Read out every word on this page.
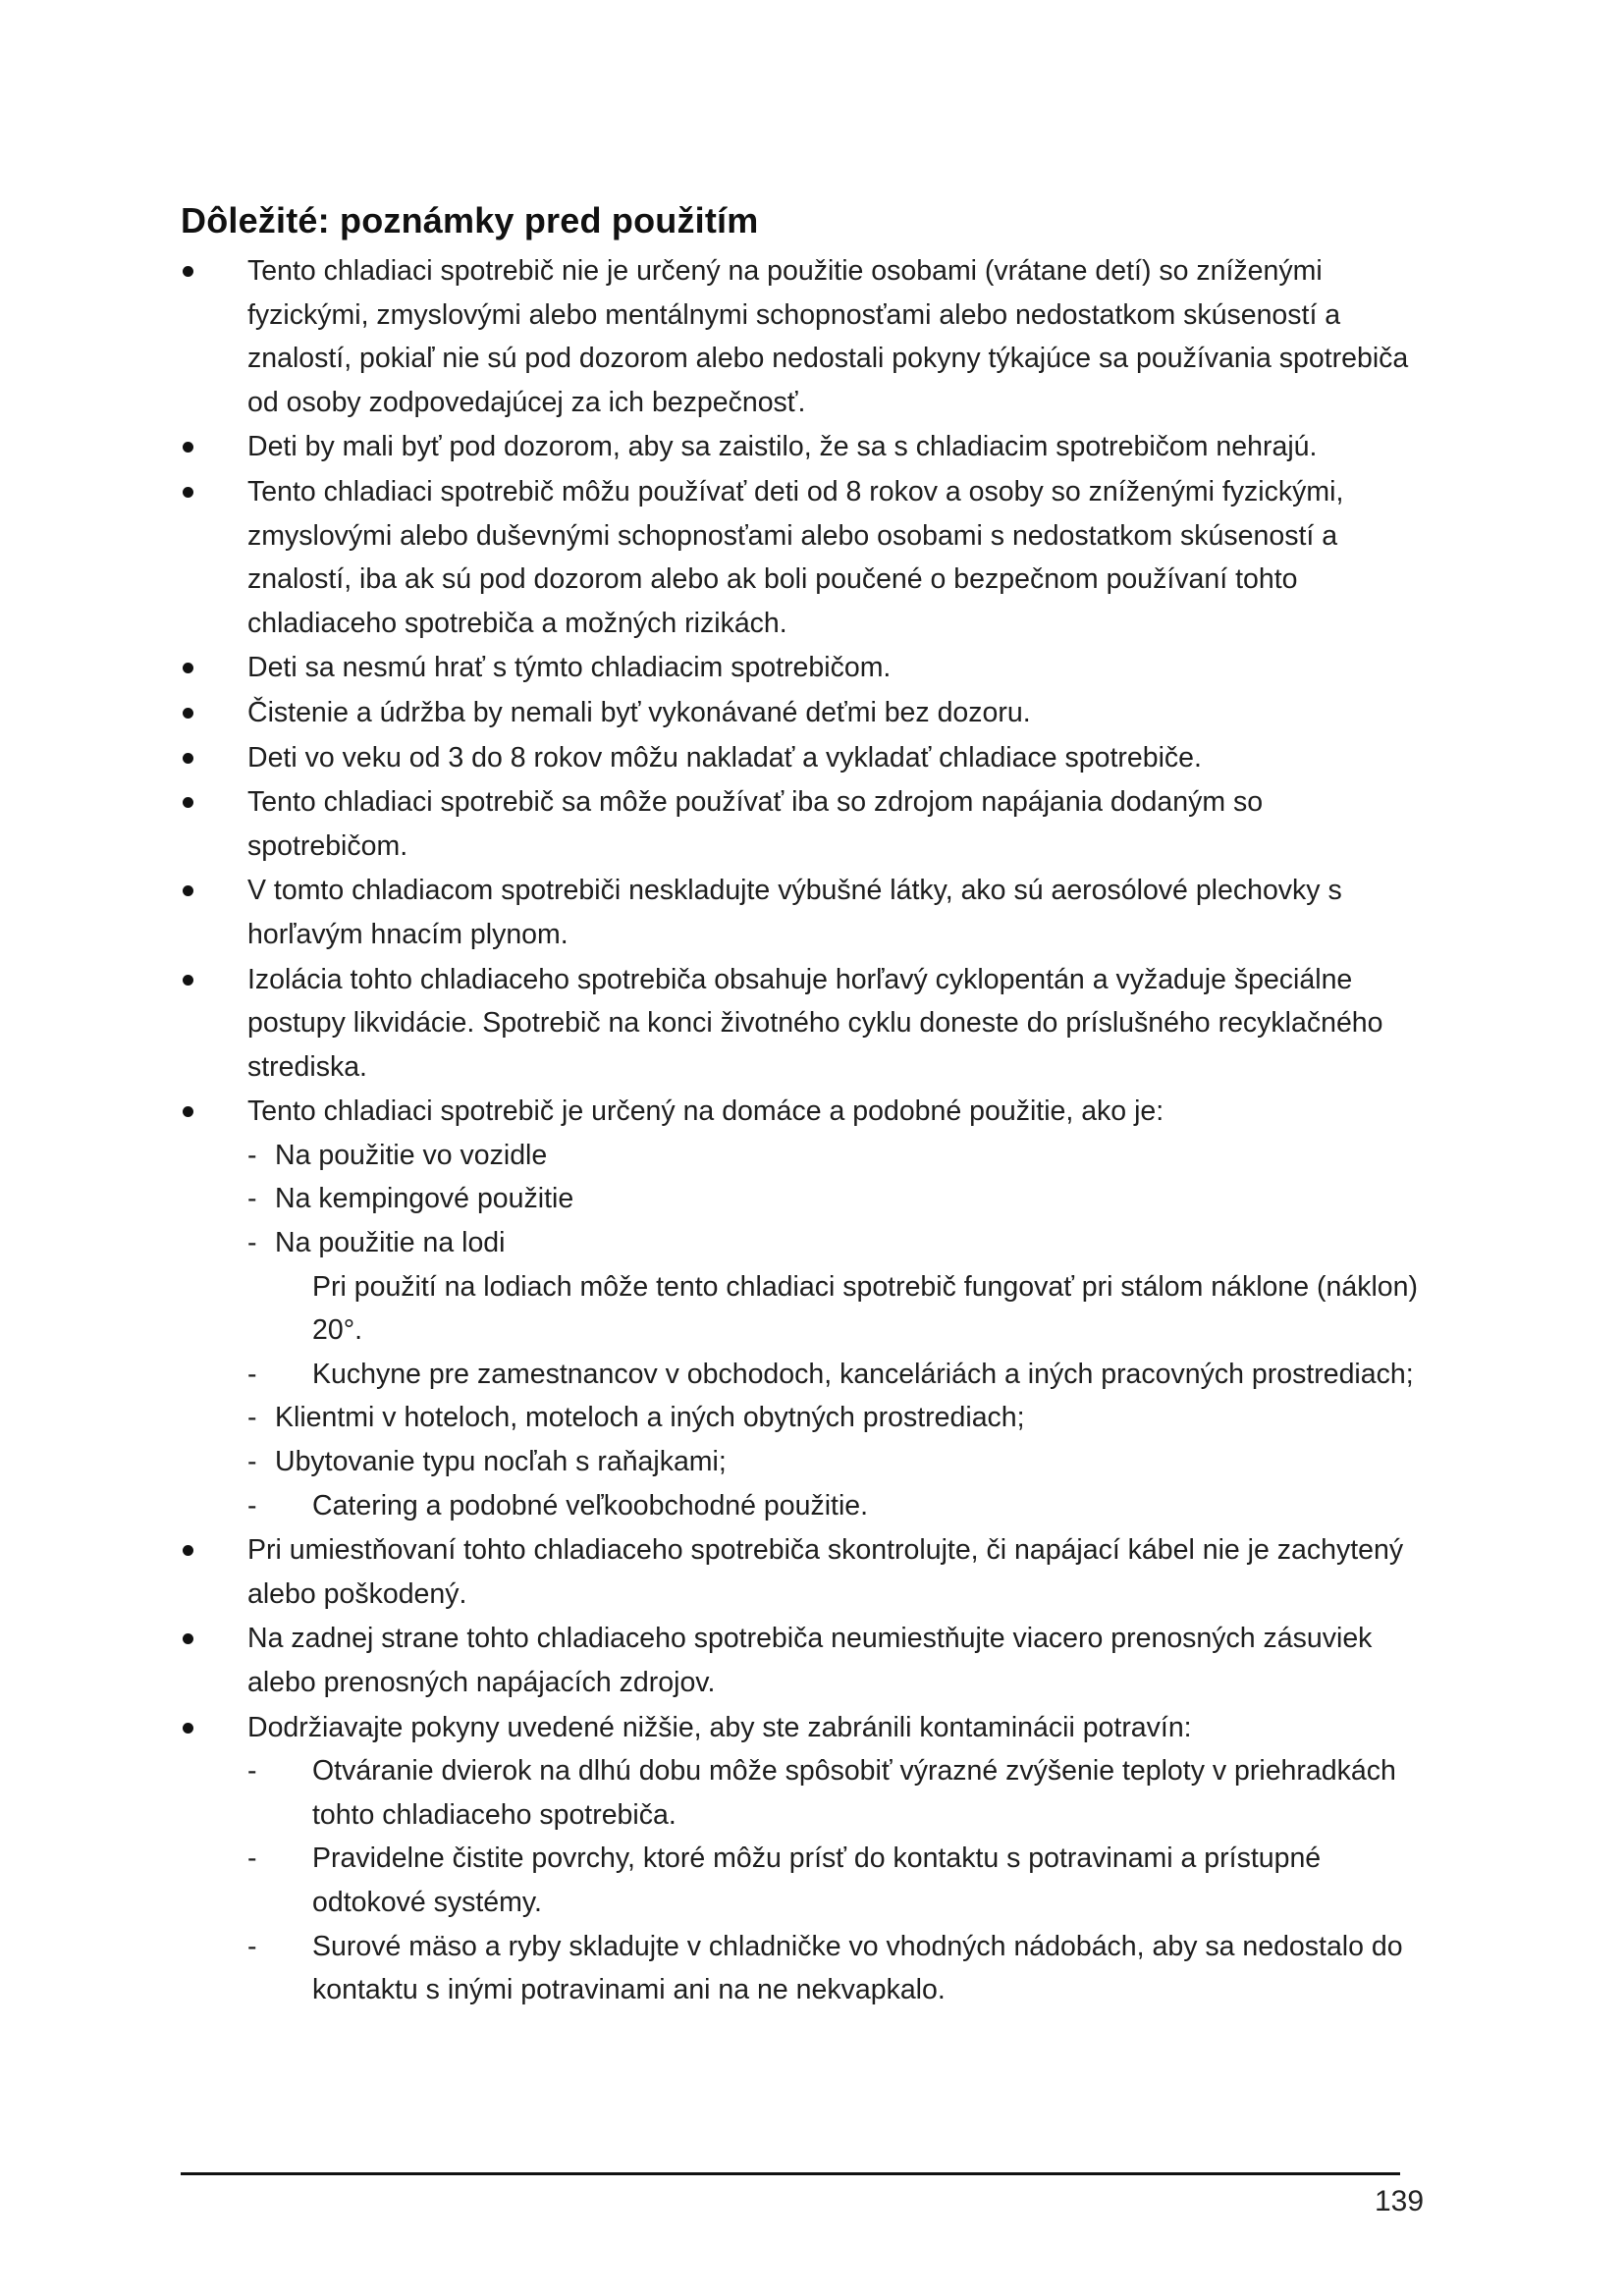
Dôležité: poznámky pred použitím
Tento chladiaci spotrebič nie je určený na použitie osobami (vrátane detí) so zníženými fyzickými, zmyslovými alebo mentálnymi schopnosťami alebo nedostatkom skúseností a znalostí, pokiaľ nie sú pod dozorom alebo nedostali pokyny týkajúce sa používania spotrebiča od osoby zodpovedajúcej za ich bezpečnosť.
Deti by mali byť pod dozorom, aby sa zaistilo, že sa s chladiacim spotrebičom nehrajú.
Tento chladiaci spotrebič môžu používať deti od 8 rokov a osoby so zníženými fyzickými, zmyslovými alebo duševnými schopnosťami alebo osobami s nedostatkom skúseností a znalostí, iba ak sú pod dozorom alebo ak boli poučené o bezpečnom používaní tohto chladiaceho spotrebiča a možných rizikách.
Deti sa nesmú hrať s týmto chladiacim spotrebičom.
Čistenie a údržba by nemali byť vykonávané deťmi bez dozoru.
Deti vo veku od 3 do 8 rokov môžu nakladať a vykladať chladiace spotrebiče.
Tento chladiaci spotrebič sa môže používať iba so zdrojom napájania dodaným so spotrebičom.
V tomto chladiacom spotrebiči neskladujte výbušné látky, ako sú aerosólové plechovky s horľavým hnacím plynom.
Izolácia tohto chladiaceho spotrebiča obsahuje horľavý cyklopentán a vyžaduje špeciálne postupy likvidácie. Spotrebič na konci životného cyklu doneste do príslušného recyklačného strediska.
Tento chladiaci spotrebič je určený na domáce a podobné použitie, ako je:
- Na použitie vo vozidle
- Na kempingové použitie
- Na použitie na lodi
Pri použití na lodiach môže tento chladiaci spotrebič fungovať pri stálom náklone (náklon) 20°.
- Kuchyne pre zamestnancov v obchodoch, kanceláriách a iných pracovných prostrediach;
- Klientmi v hoteloch, moteloch a iných obytných prostrediach;
- Ubytovanie typu nocľah s raňajkami;
- Catering a podobné veľkoobchodné použitie.
Pri umiestňovaní tohto chladiaceho spotrebiča skontrolujte, či napájací kábel nie je zachytený alebo poškodený.
Na zadnej strane tohto chladiaceho spotrebiča neumiestňujte viacero prenosných zásuviek alebo prenosných napájacích zdrojov.
Dodržiavajte pokyny uvedené nižšie, aby ste zabránili kontaminácii potravín:
- Otváranie dvierok na dlhú dobu môže spôsobiť výrazné zvýšenie teploty v priehradkách tohto chladiaceho spotrebiča.
- Pravidelne čistite povrchy, ktoré môžu prísť do kontaktu s potravinami a prístupné odtokové systémy.
- Surové mäso a ryby skladujte v chladničke vo vhodných nádobách, aby sa nedostalo do kontaktu s inými potravinami ani na ne nekvapkalo.
139
